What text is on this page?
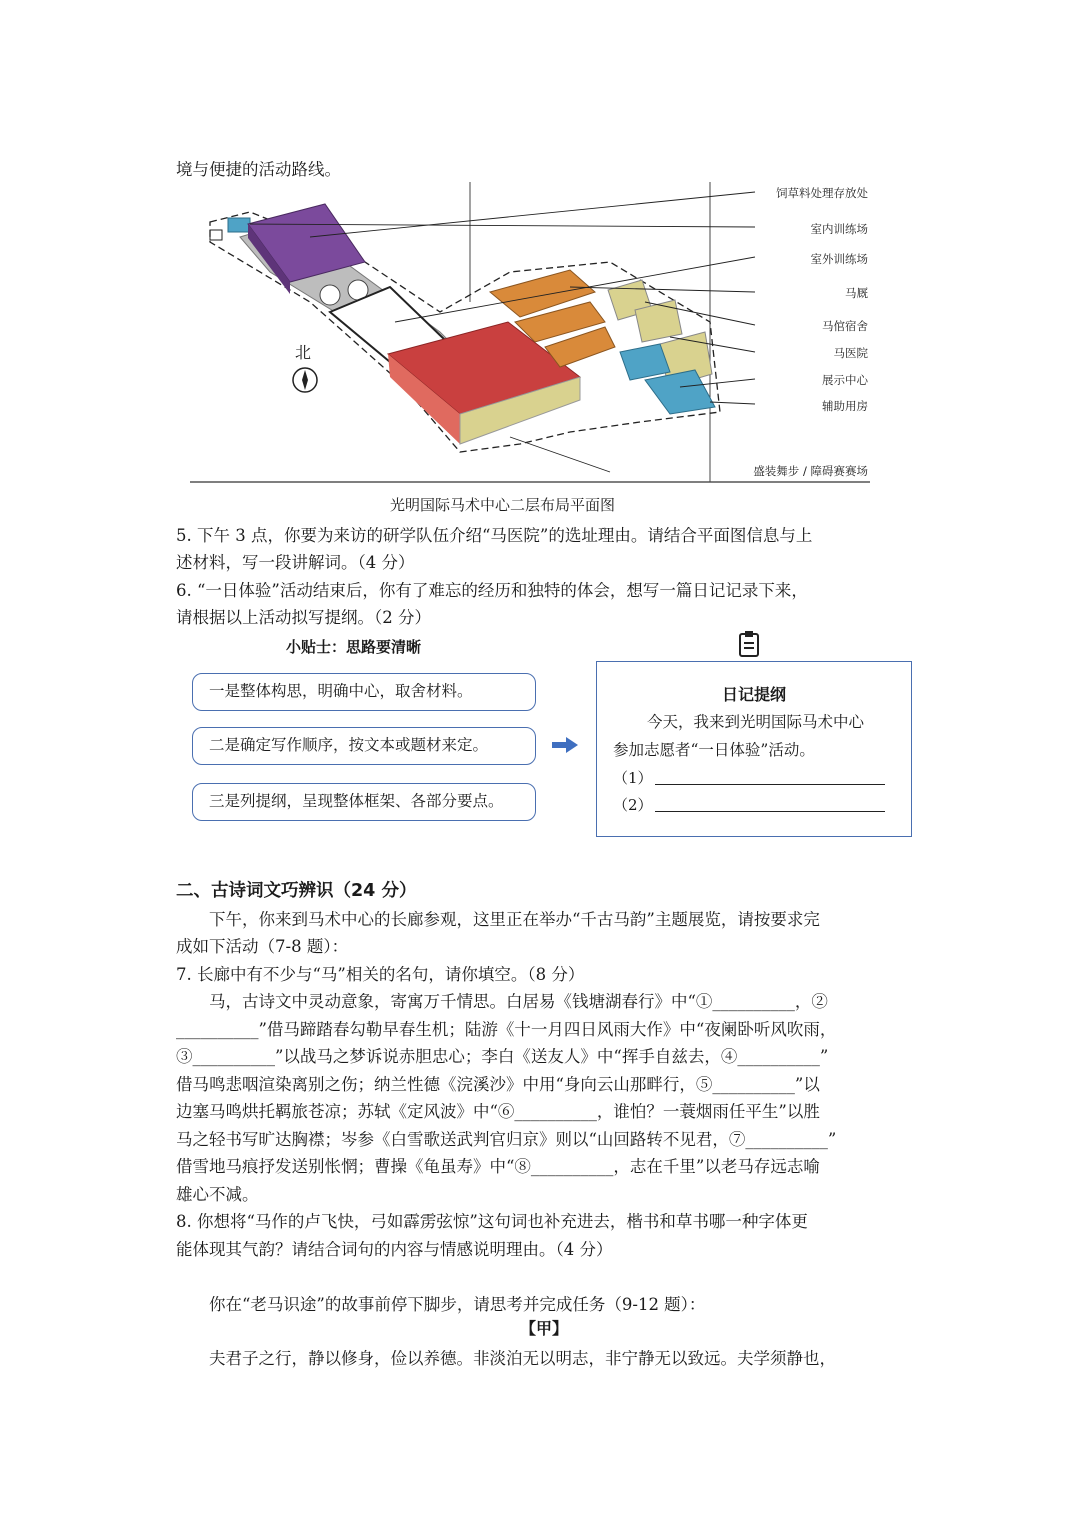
境与便捷的活动路线。
北
饲草料处理存放处
室内训练场
室外训练场
马厩
马倌宿舍
马医院
展示中心
辅助用房
盛装舞步 / 障碍赛赛场
光明国际马术中心二层布局平面图
5. 下午 3 点，你要为来访的研学队伍介绍“马医院”的选址理由。请结合平面图信息与上
述材料，写一段讲解词。（4 分）
6. “一日体验”活动结束后，你有了难忘的经历和独特的体会，想写一篇日记记录下来，
请根据以上活动拟写提纲。（2 分）
小贴士：思路要清晰
一是整体构思，明确中心，取舍材料。
二是确定写作顺序，按文本或题材来定。
三是列提纲，呈现整体框架、各部分要点。
日记提纲
今天，我来到光明国际马术中心
参加志愿者“一日体验”活动。
（1）
（2）
二、古诗词文巧辨识（24 分）
下午，你来到马术中心的长廊参观，这里正在举办“千古马韵”主题展览，请按要求完
成如下活动（7-8 题）：
7. 长廊中有不少与“马”相关的名句，请你填空。（8 分）
马，古诗文中灵动意象，寄寓万千情思。白居易《钱塘湖春行》中“①__________，②
__________”借马蹄踏春勾勒早春生机；陆游《十一月四日风雨大作》中“夜阑卧听风吹雨，
③__________”以战马之梦诉说赤胆忠心；李白《送友人》中“挥手自兹去，④__________”
借马鸣悲咽渲染离别之伤；纳兰性德《浣溪沙》中用“身向云山那畔行，⑤__________”以
边塞马鸣烘托羁旅苍凉；苏轼《定风波》中“⑥__________，谁怕？一蓑烟雨任平生”以胜
马之轻书写旷达胸襟；岑参《白雪歌送武判官归京》则以“山回路转不见君，⑦__________”
借雪地马痕抒发送别怅惘；曹操《龟虽寿》中“⑧__________，志在千里”以老马存远志喻
雄心不减。
8. 你想将“马作的卢飞快，弓如霹雳弦惊”这句词也补充进去，楷书和草书哪一种字体更
能体现其气韵？请结合词句的内容与情感说明理由。（4 分）
你在“老马识途”的故事前停下脚步，请思考并完成任务（9-12 题）：
【甲】
夫君子之行，静以修身，俭以养德。非淡泊无以明志，非宁静无以致远。夫学须静也，
